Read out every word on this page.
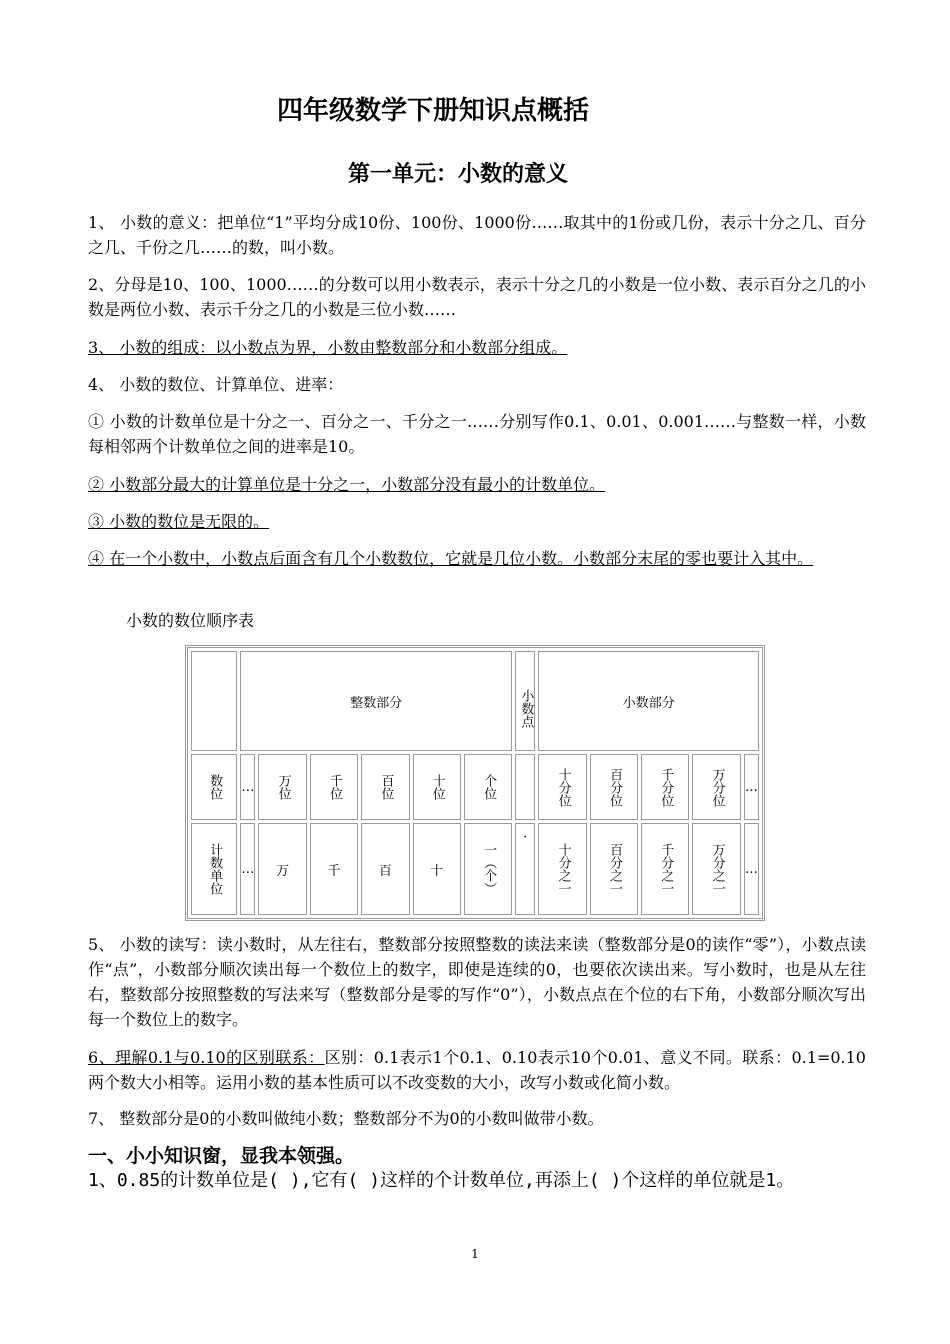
四年级数学下册知识点概括
第一单元：小数的意义
1、 小数的意义：把单位“1”平均分成10份、100份、1000份……取其中的1份或几份，表示十分之几、百分之几、千份之几……的数，叫小数。
2、分母是10、100、1000……的分数可以用小数表示，表示十分之几的小数是一位小数、表示百分之几的小数是两位小数、表示千分之几的小数是三位小数……
3、 小数的组成：以小数点为界，小数由整数部分和小数部分组成。
4、 小数的数位、计算单位、进率：
① 小数的计数单位是十分之一、百分之一、千分之一……分别写作0.1、0.01、0.001……与整数一样，小数每相邻两个计数单位之间的进率是10。
② 小数部分最大的计算单位是十分之一，小数部分没有最小的计数单位。
③ 小数的数位是无限的。
④ 在一个小数中，小数点后面含有几个小数数位，它就是几位小数。小数部分末尾的零也要计入其中。
小数的数位顺序表
	整数部分						小数点	小数部分				
数位	…	万位	千位	百位	十位	个位		十分位	百分位	千分位	万分位	…
计数单位	…	万	千	百	十	一（个）	·	十分之一	百分之一	千分之一	万分之一	…
5、 小数的读写：读小数时，从左往右，整数部分按照整数的读法来读（整数部分是0的读作“零”），小数点读作“点”，小数部分顺次读出每一个数位上的数字，即使是连续的0，也要依次读出来。写小数时，也是从左往右，整数部分按照整数的写法来写（整数部分是零的写作“0”），小数点点在个位的右下角，小数部分顺次写出每一个数位上的数字。
6、理解0.1与0.10的区别联系：区别：0.1表示1个0.1、0.10表示10个0.01、意义不同。联系：0.1=0.10两个数大小相等。运用小数的基本性质可以不改变数的大小，改写小数或化简小数。
7、 整数部分是0的小数叫做纯小数；整数部分不为0的小数叫做带小数。
一、小小知识窗，显我本领强。
1、0.85的计数单位是( ),它有( )这样的个计数单位,再添上( )个这样的单位就是1。
1
